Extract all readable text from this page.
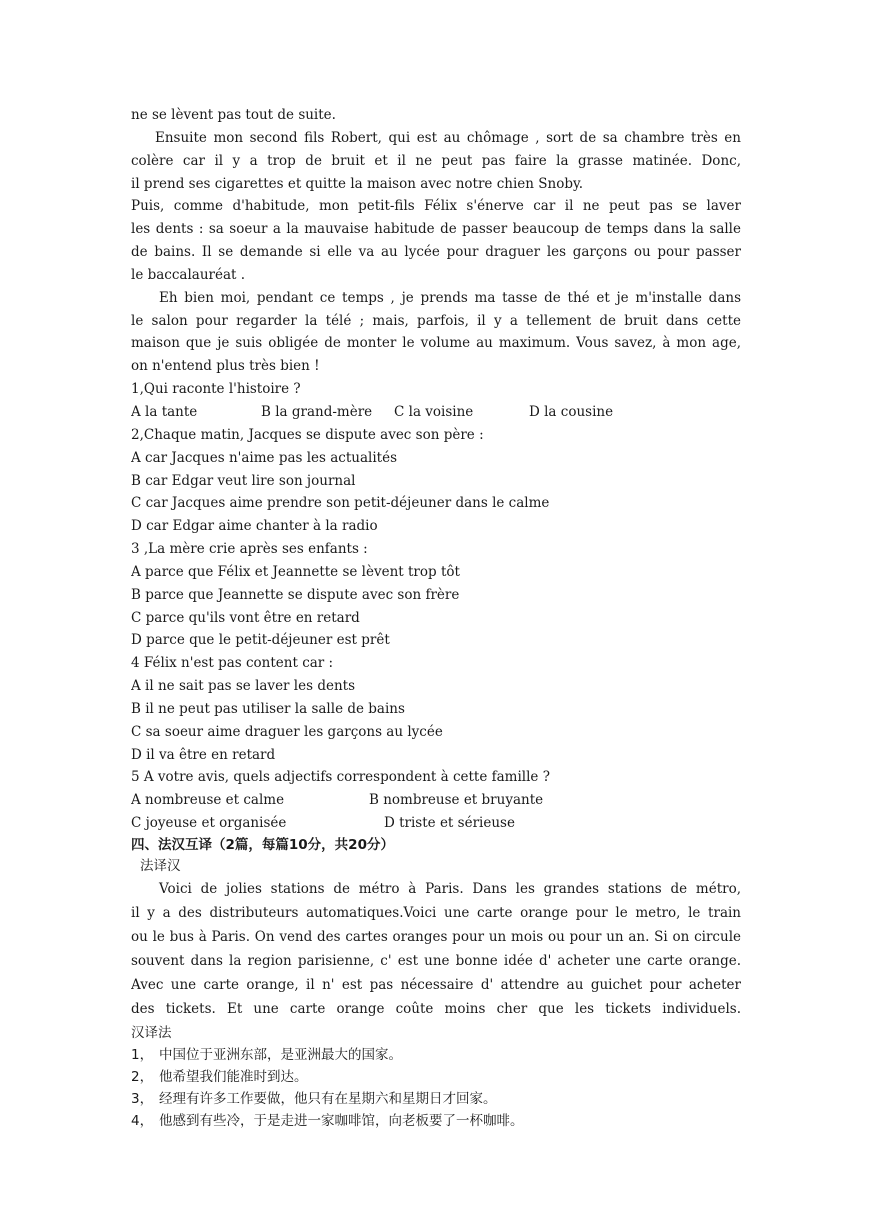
ne se lèvent pas tout de suite.
Ensuite mon second fils Robert, qui est au chômage , sort de sa chambre très en
colère car il y a trop de bruit et il ne peut pas faire la grasse matinée. Donc,
il prend ses cigarettes et quitte la maison avec notre chien Snoby.
Puis, comme d'habitude, mon petit-fils Félix s'énerve car il ne peut pas se laver
les dents : sa soeur a la mauvaise habitude de passer beaucoup de temps dans la salle
de bains. Il se demande si elle va au lycée pour draguer les garçons ou pour passer
le baccalauréat .
Eh bien moi, pendant ce temps , je prends ma tasse de thé et je m'installe dans
le salon pour regarder la télé ; mais, parfois, il y a tellement de bruit dans cette
maison que je suis obligée de monter le volume au maximum. Vous savez, à mon age,
on n'entend plus très bien !
1,Qui raconte l'histoire ?
A la tante	B la grand-mère	C la voisine	D la cousine
2,Chaque matin, Jacques se dispute avec son père :
A car Jacques n'aime pas les actualités
B car Edgar veut lire son journal
C car Jacques aime prendre son petit-déjeuner dans le calme
D car Edgar aime chanter à la radio
3 ,La mère crie après ses enfants :
A parce que Félix et Jeannette se lèvent trop tôt
B parce que Jeannette se dispute avec son frère
C parce qu'ils vont être en retard
D parce que le petit-déjeuner est prêt
4 Félix n'est pas content car :
A il ne sait pas se laver les dents
B il ne peut pas utiliser la salle de bains
C sa soeur aime draguer les garçons au lycée
D il va être en retard
5 A votre avis, quels adjectifs correspondent à cette famille ?
A nombreuse et calme	B nombreuse et bruyante
C joyeuse et organisée	D triste et sérieuse
四、法汉互译（2篇，每篇10分，共20分）
法译汉
Voici de jolies stations de métro à Paris. Dans les grandes stations de métro,
il y a des distributeurs automatiques.Voici une carte orange pour le metro, le train
ou le bus à Paris. On vend des cartes oranges pour un mois ou pour un an. Si on circule
souvent dans la region parisienne, c' est une bonne idée d' acheter une carte orange.
Avec une carte orange, il n' est pas nécessaire d' attendre au guichet pour acheter
des tickets. Et une carte orange coûte moins cher que les tickets individuels.
汉译法
1， 中国位于亚洲东部，是亚洲最大的国家。
2， 他希望我们能准时到达。
3， 经理有许多工作要做，他只有在星期六和星期日才回家。
4， 他感到有些冷，于是走进一家咖啡馆，向老板要了一杯咖啡。
